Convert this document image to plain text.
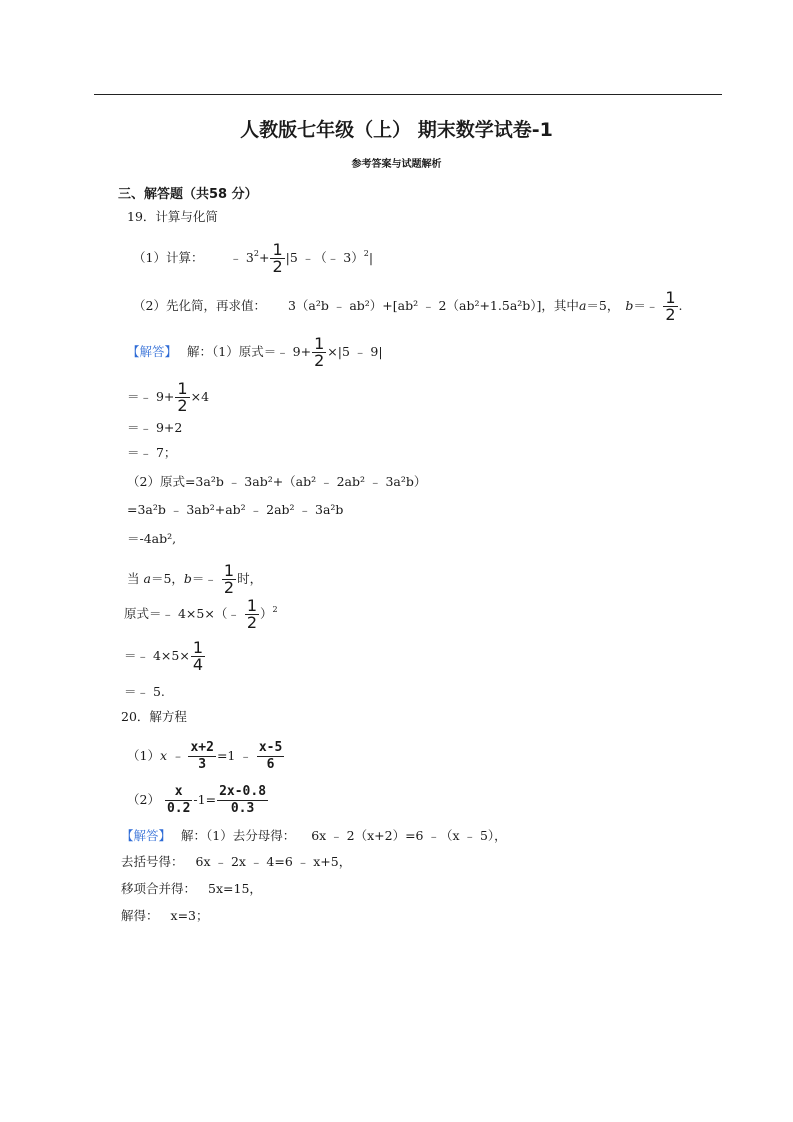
人教版七年级（上） 期末数学试卷-1
参考答案与试题解析
三、解答题（共58 分）
19．计算与化简
（1）计算： ﹣ $3^2+ \frac{1}{2} |5$ ﹣（﹣ 3）$^2$|
（2）先化简，再求值： 3（a²b ﹣ ab²）+[ab² ﹣ 2（ab²+1.5a²b）]，其中a＝5， b＝﹣ $\frac{1}{2}$ .
【解答】 解：（1）原式＝﹣ $9+ \frac{1}{2} \times|5$ ﹣ 9|
＝﹣ $9+ \frac{1}{2} \times 4$
＝﹣ 9+2
＝﹣ 7；
（2）原式=3a²b ﹣ 3ab²+（ab² ﹣ 2ab² ﹣ 3a²b）
=3a²b ﹣ 3ab²+ab² ﹣ 2ab² ﹣ 3a²b
＝-4ab²,
当 a＝5，b＝﹣ $\frac{1}{2}$ 时，
原式＝﹣ 4×5×（﹣ $\frac{1}{2} )^2$
＝﹣ $4\times 5\times \frac{1}{4}$
＝﹣ 5.
20．解方程
（1）x ﹣ $\frac{x+2}{3} =1$ ﹣ $\frac{x-5}{6}$
$(2) \frac{x}{0.2} -1= \frac{2x-0.8}{0.3}$
【解答】 解：（1）去分母得： 6x ﹣ 2（x+2）=6 ﹣（x ﹣ 5），
去括号得： 6x ﹣ 2x ﹣ 4=6 ﹣ x+5，
移项合并得： 5x=15，
解得： x=3；
